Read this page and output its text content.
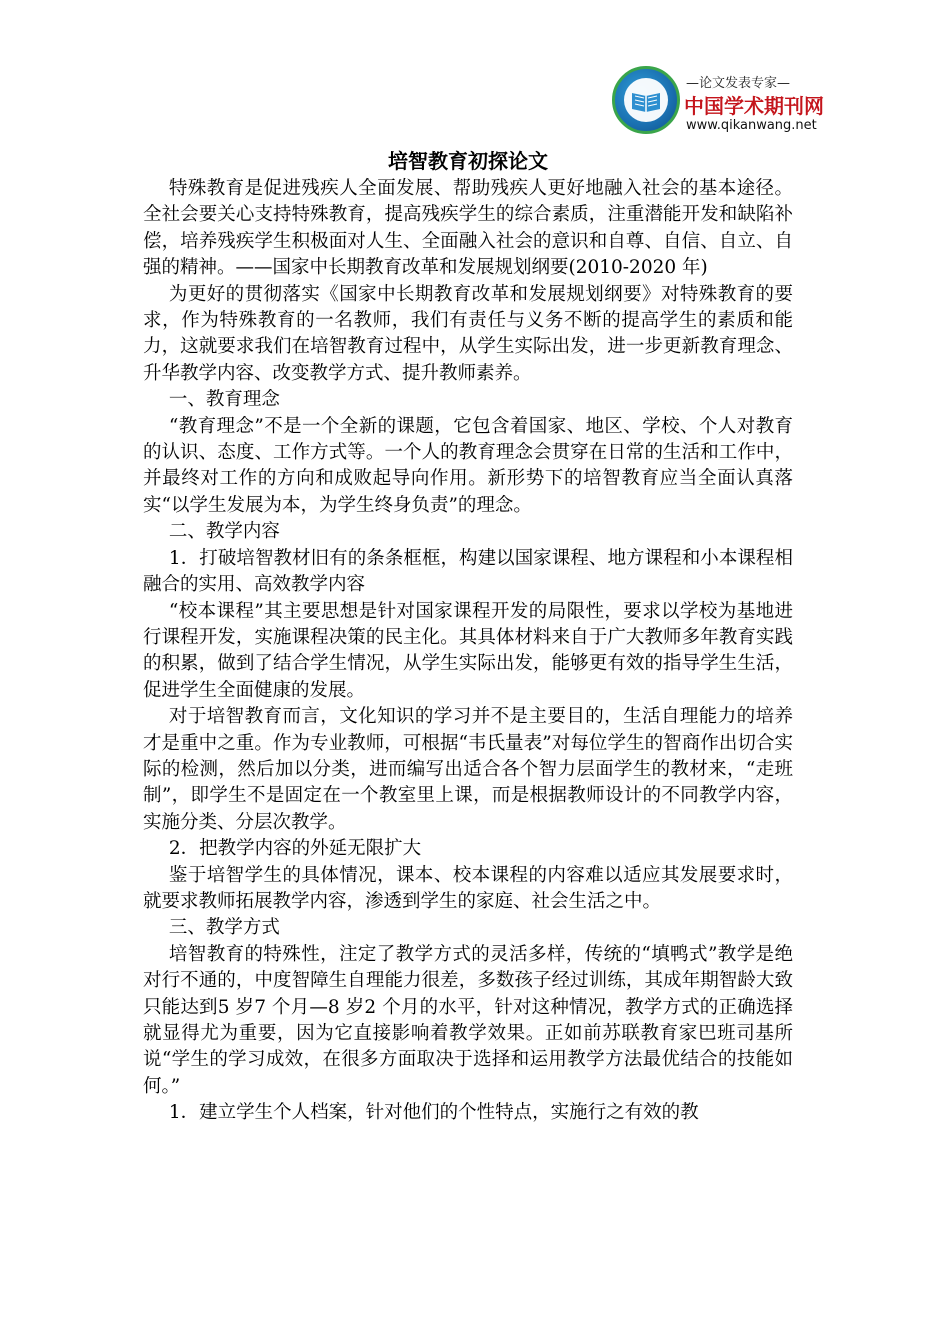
—论文发表专家—
中国学术期刊网
www.qikanwang.net
培智教育初探论文

特殊教育是促进残疾人全面发展、帮助残疾人更好地融入社会的基本途径。全社会要关心支持特殊教育，提高残疾学生的综合素质，注重潜能开发和缺陷补偿，培养残疾学生积极面对人生、全面融入社会的意识和自尊、自信、自立、自强的精神。——国家中长期教育改革和发展规划纲要(2010-2020 年)

为更好的贯彻落实《国家中长期教育改革和发展规划纲要》对特殊教育的要求，作为特殊教育的一名教师，我们有责任与义务不断的提高学生的素质和能力，这就要求我们在培智教育过程中，从学生实际出发，进一步更新教育理念、升华教学内容、改变教学方式、提升教师素养。

一、教育理念

“教育理念”不是一个全新的课题，它包含着国家、地区、学校、个人对教育的认识、态度、工作方式等。一个人的教育理念会贯穿在日常的生活和工作中，并最终对工作的方向和成败起导向作用。新形势下的培智教育应当全面认真落实“以学生发展为本，为学生终身负责”的理念。

二、教学内容

1．打破培智教材旧有的条条框框，构建以国家课程、地方课程和小本课程相融合的实用、高效教学内容

“校本课程”其主要思想是针对国家课程开发的局限性，要求以学校为基地进行课程开发，实施课程决策的民主化。其具体材料来自于广大教师多年教育实践的积累，做到了结合学生情况，从学生实际出发，能够更有效的指导学生生活，促进学生全面健康的发展。

对于培智教育而言，文化知识的学习并不是主要目的，生活自理能力的培养才是重中之重。作为专业教师，可根据“韦氏量表”对每位学生的智商作出切合实际的检测，然后加以分类，进而编写出适合各个智力层面学生的教材来，“走班制”，即学生不是固定在一个教室里上课，而是根据教师设计的不同教学内容，实施分类、分层次教学。

2．把教学内容的外延无限扩大

鉴于培智学生的具体情况，课本、校本课程的内容难以适应其发展要求时，就要求教师拓展教学内容，渗透到学生的家庭、社会生活之中。

三、教学方式

培智教育的特殊性，注定了教学方式的灵活多样，传统的“填鸭式”教学是绝对行不通的，中度智障生自理能力很差，多数孩子经过训练，其成年期智龄大致只能达到5 岁7 个月—8 岁2 个月的水平，针对这种情况，教学方式的正确选择就显得尤为重要，因为它直接影响着教学效果。正如前苏联教育家巴班司基所说“学生的学习成效，在很多方面取决于选择和运用教学方法最优结合的技能如何。”

1．建立学生个人档案，针对他们的个性特点，实施行之有效的教
